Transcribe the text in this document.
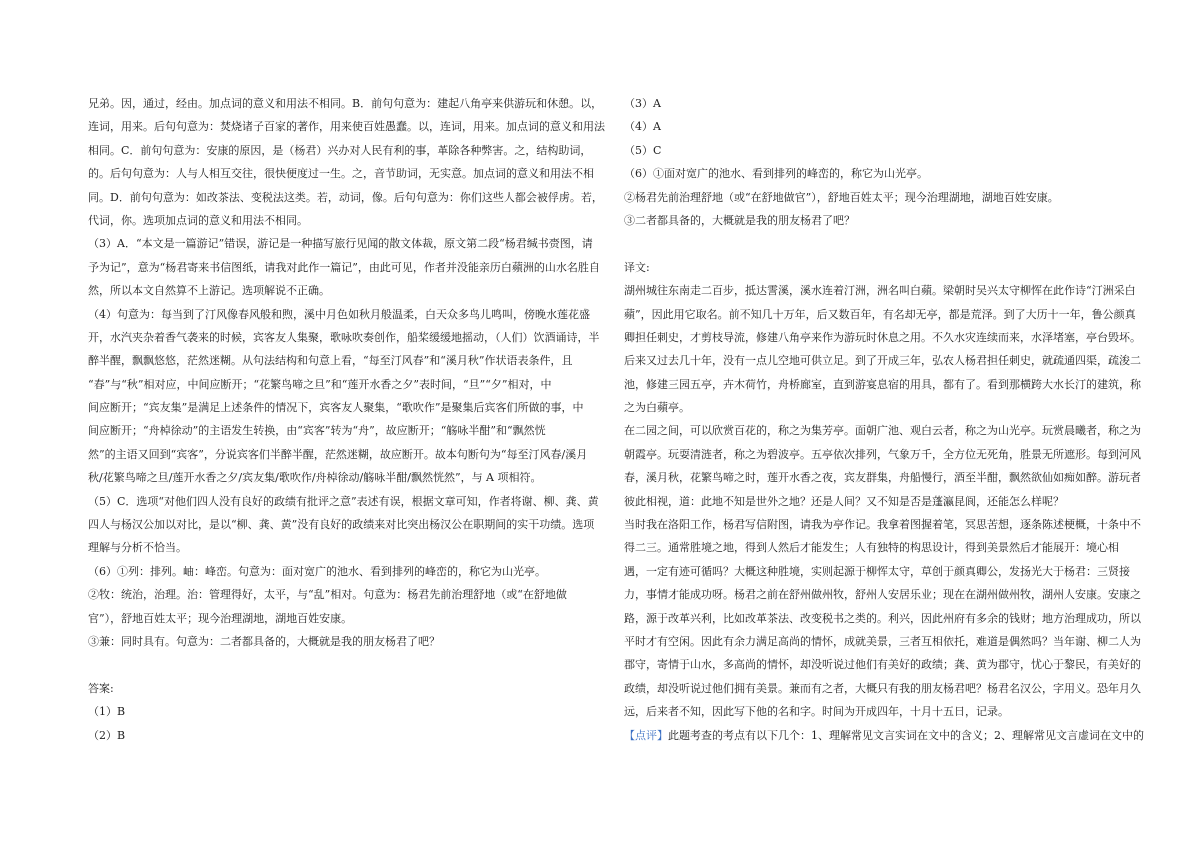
兄弟。因，通过，经由。加点词的意义和用法不相同。B．前句句意为：建起八角亭来供游玩和休憩。以，
连词，用来。后句句意为：焚烧诸子百家的著作，用来使百姓愚蠢。以，连词，用来。加点词的意义和用法
相同。C．前句句意为：安康的原因，是（杨君）兴办对人民有利的事，革除各种弊害。之，结构助词，
的。后句句意为：人与人相互交往，很快便度过一生。之，音节助词，无实意。加点词的意义和用法不相
同。D．前句句意为：如改茶法、变税法这类。若，动词，像。后句句意为：你们这些人都会被俘虏。若，
代词，你。选项加点词的意义和用法不相同。
（3）A．“本文是一篇游记”错误，游记是一种描写旅行见闻的散文体裁，原文第二段“杨君缄书赍图，请
予为记”，意为“杨君寄来书信图纸，请我对此作一篇记”，由此可见，作者并没能亲历白蘋洲的山水名胜自
然，所以本文自然算不上游记。选项解说不正确。
（4）句意为：每当到了汀风像春风般和煦，溪中月色如秋月般温柔，白天众多鸟儿鸣叫，傍晚水莲花盛
开，水汽夹杂着香气袭来的时候，宾客友人集聚，歌咏吹奏创作，船桨缓缓地摇动，（人们）饮酒诵诗，半
醉半醒，飘飘悠悠，茫然迷糊。从句法结构和句意上看，“每至汀风春”和“溪月秋”作状语表条件，且
“春”与“秋”相对应，中间应断开；“花繁鸟啼之旦”和“莲开水香之夕”表时间，“旦”“夕”相对，中
间应断开；“宾友集”是满足上述条件的情况下，宾客友人聚集，“歌吹作”是聚集后宾客们所做的事，中
间应断开；“舟棹徐动”的主语发生转换，由“宾客”转为“舟”，故应断开；“觞咏半酣”和“飘然恍
然”的主语又回到“宾客”，分说宾客们半醉半醒，茫然迷糊，故应断开。故本句断句为“每至汀风春/溪月
秋/花繁鸟啼之旦/莲开水香之夕/宾友集/歌吹作/舟棹徐动/觞咏半酣/飘然恍然”，与 A 项相符。
（5）C．选项“对他们四人没有良好的政绩有批评之意”表述有误，根据文章可知，作者将谢、柳、龚、黄
四人与杨汉公加以对比，是以“柳、龚、黄”没有良好的政绩来对比突出杨汉公在职期间的实干功绩。选项
理解与分析不恰当。
（6）①列：排列。岫：峰峦。句意为：面对宽广的池水、看到排列的峰峦的，称它为山光亭。
②牧：统治，治理。治：管理得好，太平，与“乱”相对。句意为：杨君先前治理舒地（或“在舒地做
官”），舒地百姓太平；现今治理湖地，湖地百姓安康。
③兼：同时具有。句意为：二者都具备的，大概就是我的朋友杨君了吧？
答案:
（1）B
（2）B
（3）A
（4）A
（5）C
（6）①面对宽广的池水、看到排列的峰峦的，称它为山光亭。
②杨君先前治理舒地（或“在舒地做官”），舒地百姓太平；现今治理湖地，湖地百姓安康。
③二者都具备的，大概就是我的朋友杨君了吧？
译文:
湖州城往东南走二百步，抵达霅溪，溪水连着汀洲，洲名叫白蘋。梁朝时吴兴太守柳恽在此作诗“汀洲采白
蘋”，因此用它取名。前不知几十万年，后又数百年，有名却无亭，都是荒泽。到了大历十一年，鲁公颜真
卿担任刺史，才剪枝导流，修建八角亭来作为游玩时休息之用。不久水灾连续而来，水泽堵塞，亭台毁坏。
后来又过去几十年，没有一点儿空地可供立足。到了开成三年，弘农人杨君担任刺史，就疏通四渠，疏浚二
池，修建三园五亭，卉木荷竹，舟桥廊室，直到游宴息宿的用具，都有了。看到那横跨大水长汀的建筑，称
之为白蘋亭。
在二园之间，可以欣赏百花的，称之为集芳亭。面朝广池、观白云者，称之为山光亭。玩赏晨曦者，称之为
朝霞亭。玩耍清涟者，称之为碧波亭。五亭依次排列，气象万千，全方位无死角，胜景无所遮形。每到河风
春，溪月秋，花繁鸟啼之时，莲开水香之夜，宾友群集，舟船慢行，酒至半酣，飘然欲仙如痴如醉。游玩者
彼此相视，道：此地不知是世外之地？还是人间？又不知是否是蓬瀛昆阆，还能怎么样呢？
当时我在洛阳工作，杨君写信附图，请我为亭作记。我拿着图握着笔，冥思苦想，逐条陈述梗概，十条中不
得二三。通常胜境之地，得到人然后才能发生；人有独特的构思设计，得到美景然后才能展开：境心相
遇，一定有迹可循吗？大概这种胜境，实则起源于柳恽太守，草创于颜真卿公，发扬光大于杨君：三贤接
力，事情才能成功呀。杨君之前在舒州做州牧，舒州人安居乐业；现在在湖州做州牧，湖州人安康。安康之
路，源于改革兴利，比如改革茶法、改变税书之类的。利兴，因此州府有多余的钱财；地方治理成功，所以
平时才有空闲。因此有余力满足高尚的情怀，成就美景，三者互相依托，难道是偶然吗？当年谢、柳二人为
郡守，寄情于山水，多高尚的情怀，却没听说过他们有美好的政绩；龚、黄为郡守，忧心于黎民，有美好的
政绩，却没听说过他们拥有美景。兼而有之者，大概只有我的朋友杨君吧？杨君名汉公，字用义。恐年月久
远，后来者不知，因此写下他的名和字。时间为开成四年，十月十五日，记录。
【点评】此题考查的考点有以下几个：1、理解常见文言实词在文中的含义；2、理解常见文言虚词在文中的
